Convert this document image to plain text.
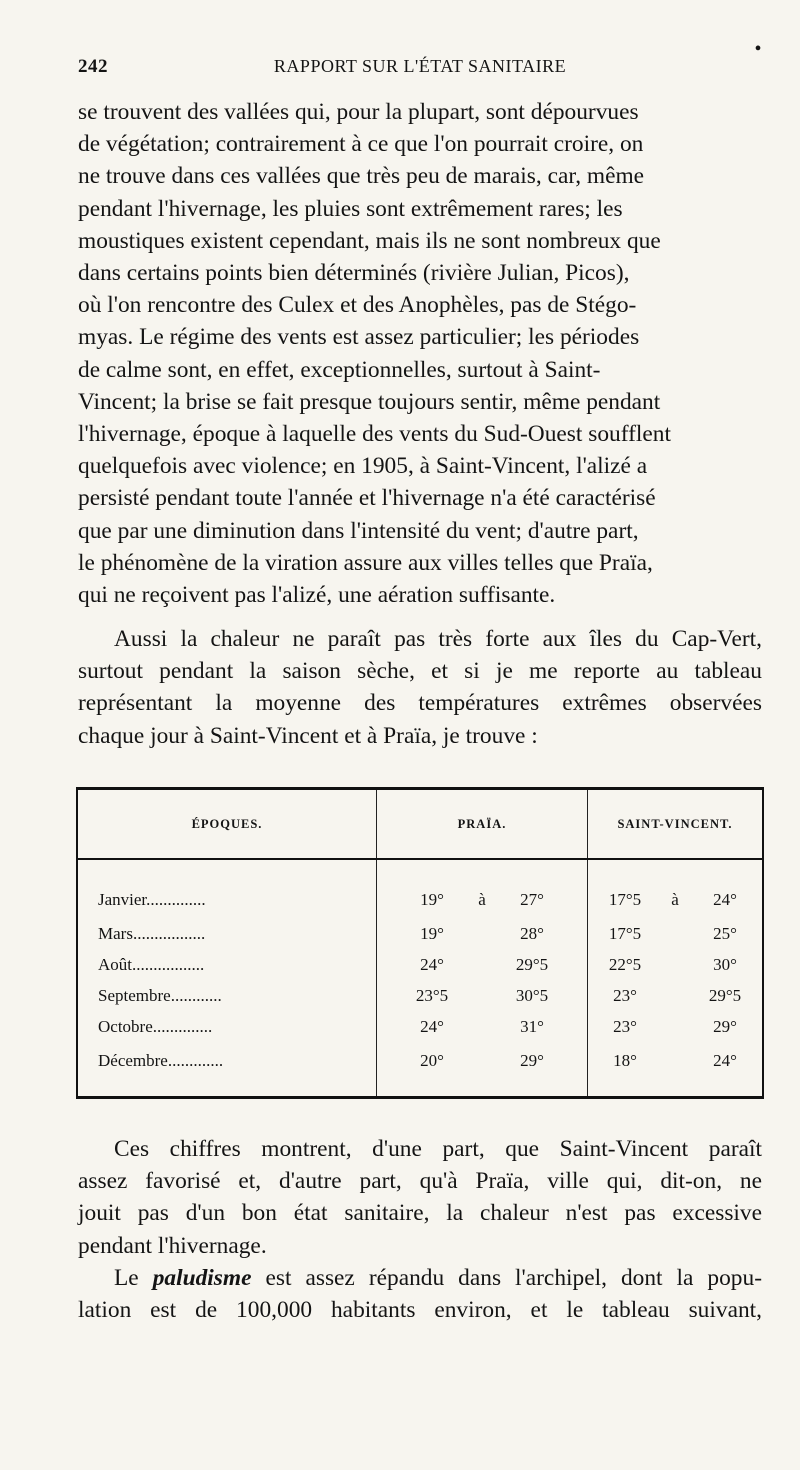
242	RAPPORT SUR L'ÉTAT SANITAIRE
•
se trouvent des vallées qui, pour la plupart, sont dépourvues
de végétation; contrairement à ce que l'on pourrait croire, on
ne trouve dans ces vallées que très peu de marais, car, même
pendant l'hivernage, les pluies sont extrêmement rares; les
moustiques existent cependant, mais ils ne sont nombreux que
dans certains points bien déterminés (rivière Julian, Picos),
où l'on rencontre des Culex et des Anophèles, pas de Stégo-
myas. Le régime des vents est assez particulier; les périodes
de calme sont, en effet, exceptionnelles, surtout à Saint-
Vincent; la brise se fait presque toujours sentir, même pendant
l'hivernage, époque à laquelle des vents du Sud-Ouest soufflent
quelquefois avec violence; en 1905, à Saint-Vincent, l'alizé a
persisté pendant toute l'année et l'hivernage n'a été caractérisé
que par une diminution dans l'intensité du vent; d'autre part,
le phénomène de la viration assure aux villes telles que Praïa,
qui ne reçoivent pas l'alizé, une aération suffisante.
Aussi la chaleur ne paraît pas très forte aux îles du Cap-Vert,
surtout pendant la saison sèche, et si je me reporte au tableau
représentant la moyenne des températures extrêmes observées
chaque jour à Saint-Vincent et à Praïa, je trouve :
ÉPOQUES.	PRAÏA.	SAINT-VINCENT.
Janvier..............	19° à 27°	17°5 à 24°
Mars.................	19° 28°	17°5 25°
Août.................	24° 29°5	22°5 30°
Septembre............	23°5 30°5	23° 29°5
Octobre..............	24° 31°	23° 29°
Décembre.............	20° 29°	18° 24°
Ces chiffres montrent, d'une part, que Saint-Vincent paraît
assez favorisé et, d'autre part, qu'à Praïa, ville qui, dit-on, ne
jouit pas d'un bon état sanitaire, la chaleur n'est pas excessive
pendant l'hivernage.
Le paludisme est assez répandu dans l'archipel, dont la popu-
lation est de 100,000 habitants environ, et le tableau suivant,
